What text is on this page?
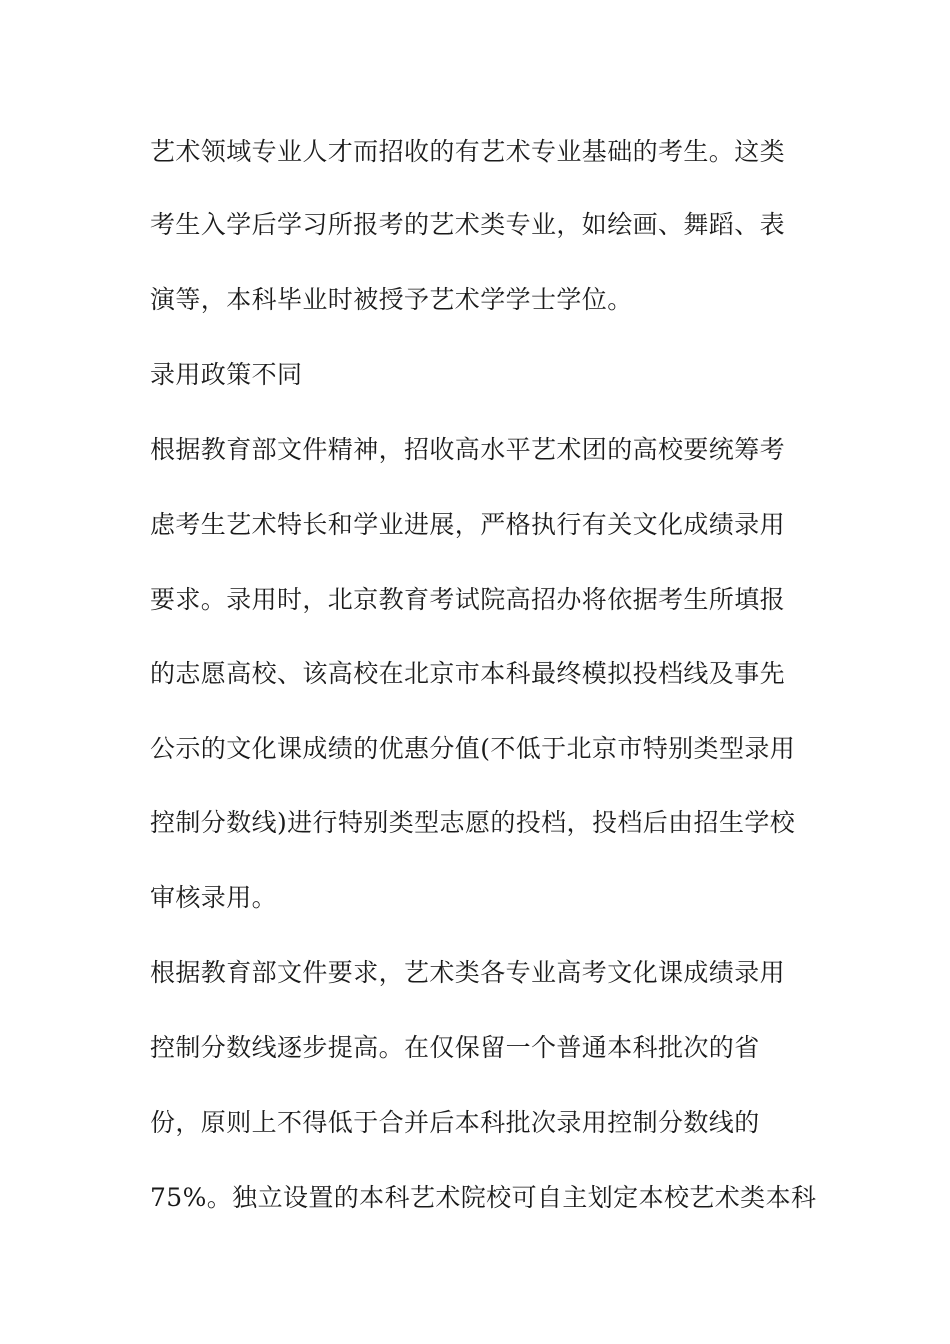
艺术领域专业人才而招收的有艺术专业基础的考生。这类
考生入学后学习所报考的艺术类专业，如绘画、舞蹈、表
演等，本科毕业时被授予艺术学学士学位。
录用政策不同
根据教育部文件精神，招收高水平艺术团的高校要统筹考
虑考生艺术特长和学业进展，严格执行有关文化成绩录用
要求。录用时，北京教育考试院高招办将依据考生所填报
的志愿高校、该高校在北京市本科最终模拟投档线及事先
公示的文化课成绩的优惠分值(不低于北京市特别类型录用
控制分数线)进行特别类型志愿的投档，投档后由招生学校
审核录用。
根据教育部文件要求，艺术类各专业高考文化课成绩录用
控制分数线逐步提高。在仅保留一个普通本科批次的省
份，原则上不得低于合并后本科批次录用控制分数线的
75%。独立设置的本科艺术院校可自主划定本校艺术类本科
